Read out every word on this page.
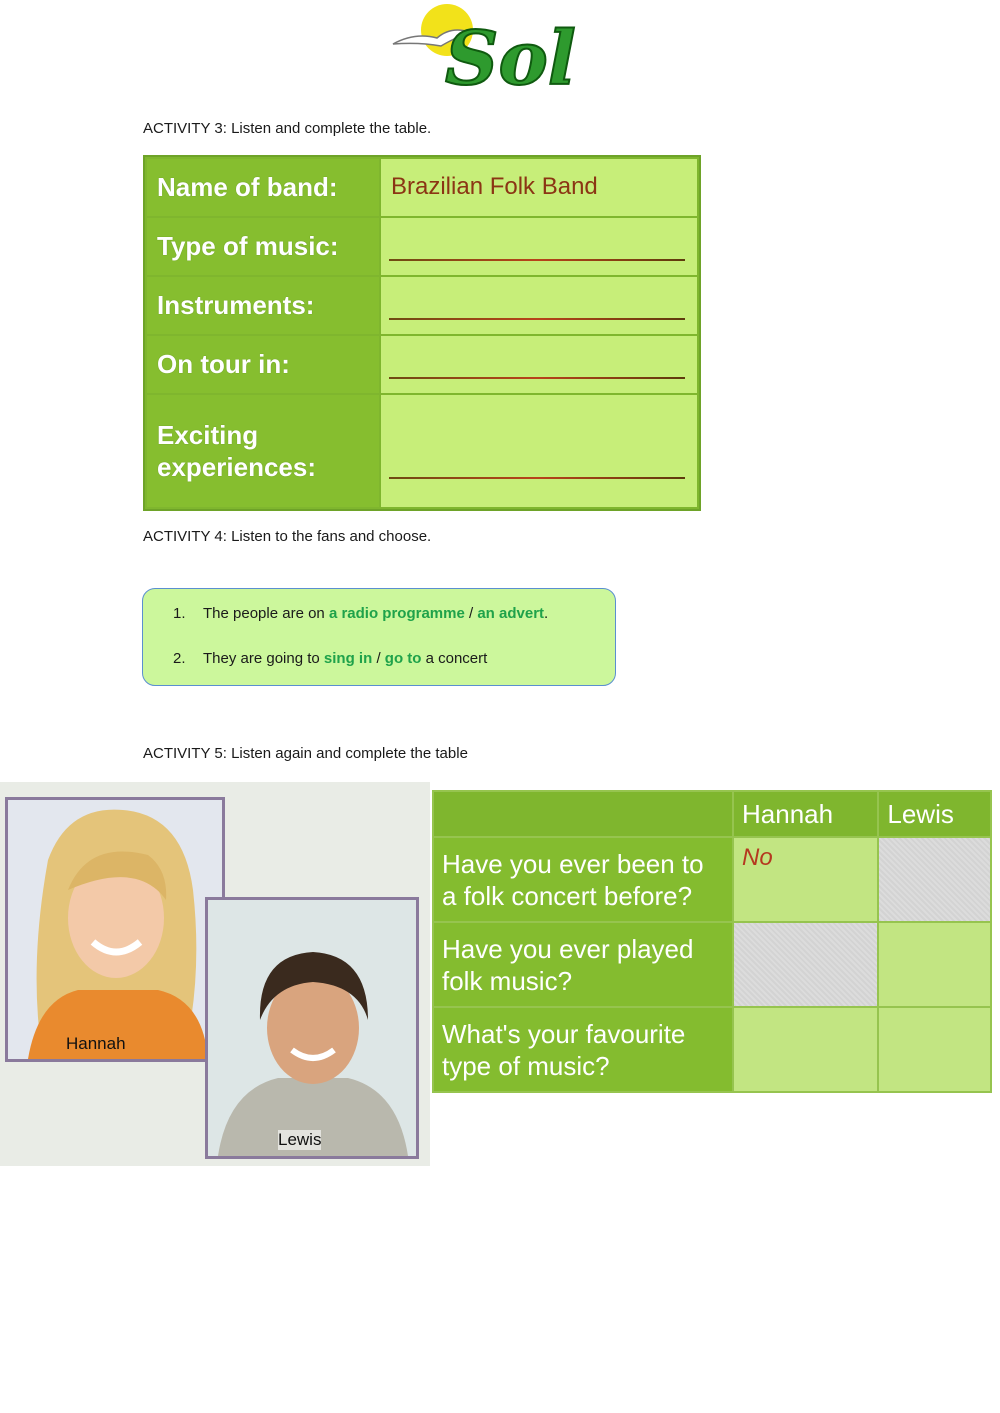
Sol
ACTIVITY 3: Listen and complete the table.
Name of band:	Brazilian Folk Band
Type of music:	

Instruments:	

On tour in:	

Exciting experiences:	
ACTIVITY 4: Listen to the fans and choose.
1. The people are on a radio programme / an advert.
2. They are going to sing in / go to a concert
ACTIVITY 5: Listen again and complete the table
Hannah
Lewis
	Hannah	Lewis
Have you ever been to a folk concert before?	No	
Have you ever played folk music?		
What's your favourite type of music?		
